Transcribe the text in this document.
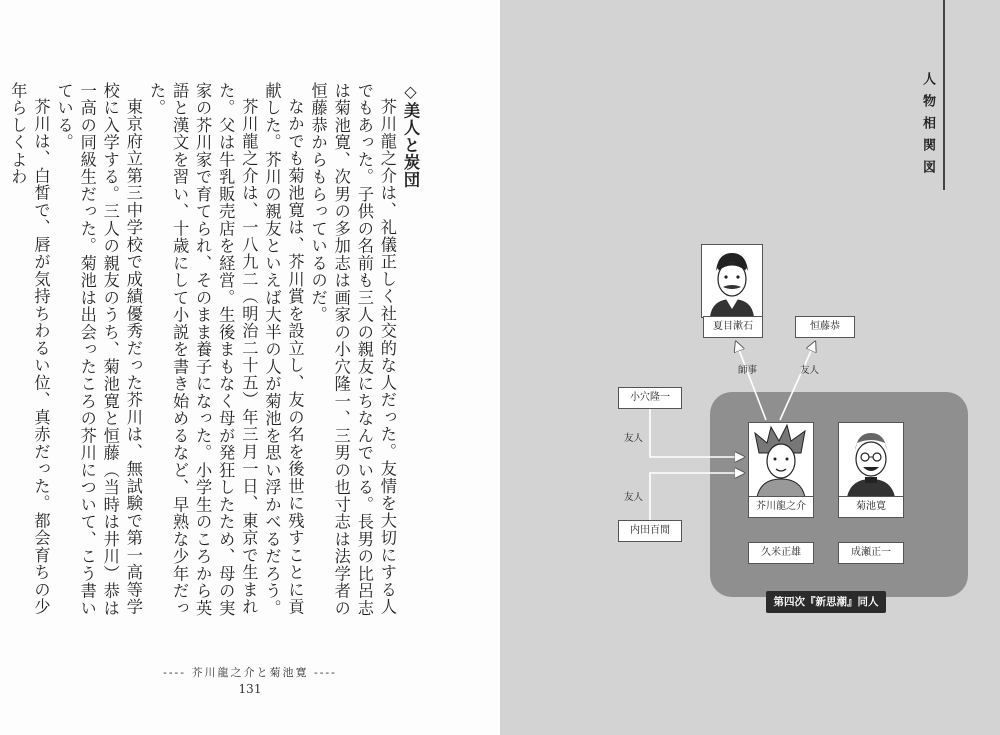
◇美人と炭団

芥川龍之介は、礼儀正しく社交的な人だった。友情を大切にする人でもあった。子供の名前も三人の親友にちなんでいる。長男の比呂志は菊池寛、次男の多加志は画家の小穴隆一、三男の也寸志は法学者の恒藤恭からもらっているのだ。

なかでも菊池寛は、芥川賞を設立し、友の名を後世に残すことに貢献した。芥川の親友といえば大半の人が菊池を思い浮かべるだろう。

芥川龍之介は、一八九二（明治二十五）年三月一日、東京で生まれた。父は牛乳販売店を経営。生後まもなく母が発狂したため、母の実家の芥川家で育てられ、そのまま養子になった。小学生のころから英語と漢文を習い、十歳にして小説を書き始めるなど、早熟な少年だった。

東京府立第三中学校で成績優秀だった芥川は、無試験で第一高等学校に入学する。三人の親友のうち、菊池寛と恒藤（当時は井川）恭は一高の同級生だった。菊池は出会ったころの芥川について、こう書いている。

芥川は、白皙で、唇が気持ちわるい位、真赤だった。都会育ちの少年らしくよわ

---- 芥川龍之介と菊池寛 ----
131
人物相関図
夏目漱石	恒藤恭
小穴隆一
内田百閒
芥川龍之介	菊池寛
久米正雄	成瀬正一
第四次『新思潮』同人
師事	友人
友人
友人
